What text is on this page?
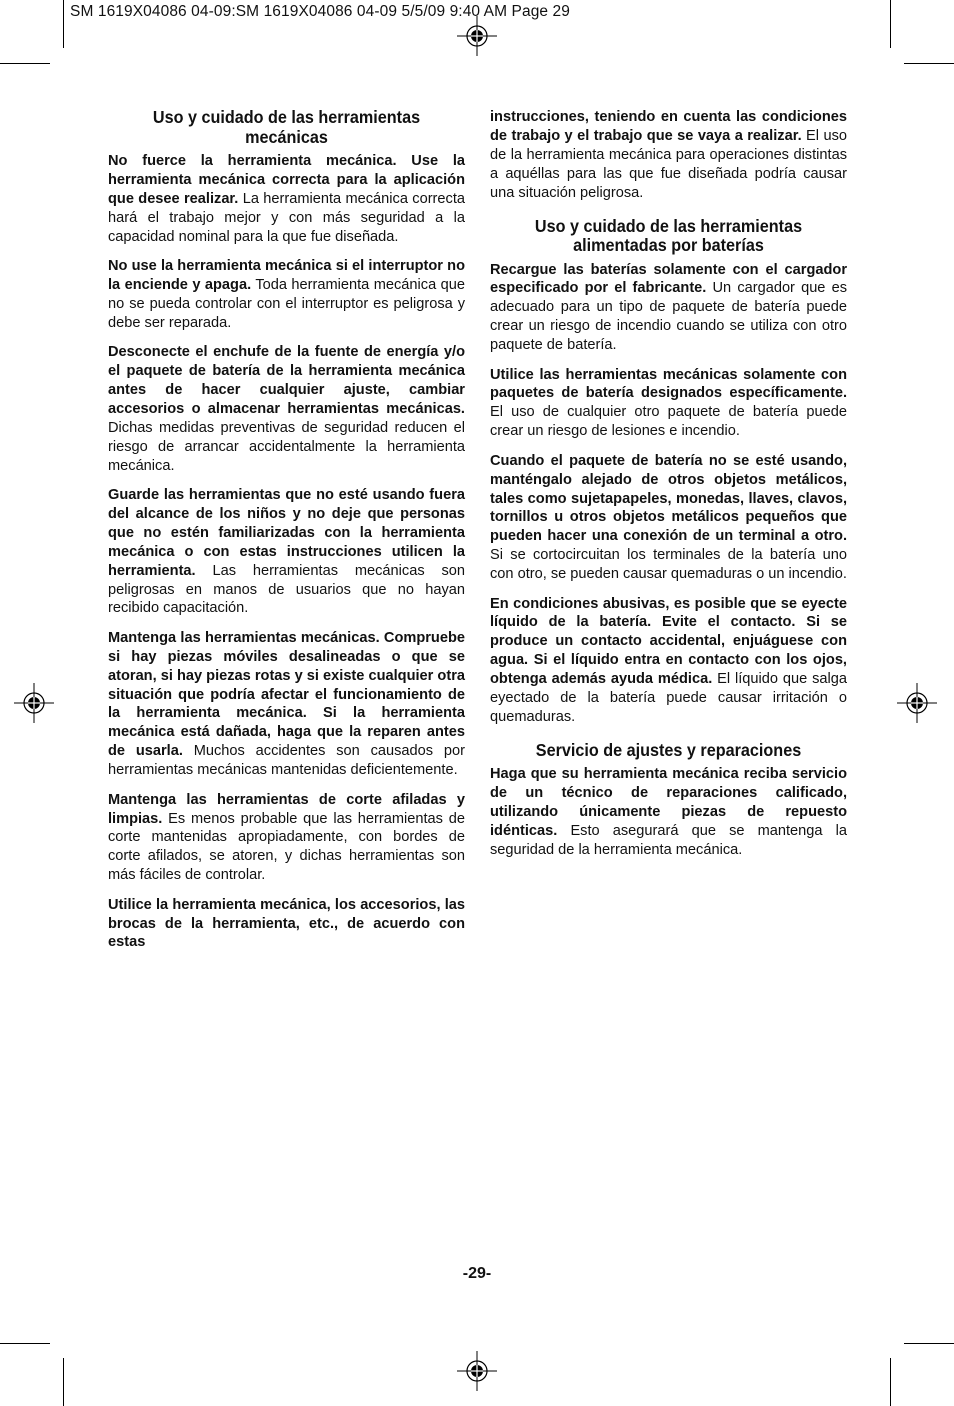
SM 1619X04086 04-09:SM 1619X04086 04-09 5/5/09 9:40 AM Page 29
Uso y cuidado de las herramientas mecánicas

No fuerce la herramienta mecánica. Use la herramienta mecánica correcta para la aplicación que desee realizar. La herramienta mecánica correcta hará el trabajo mejor y con más seguridad a la capacidad nominal para la que fue diseñada.

No use la herramienta mecánica si el interruptor no la enciende y apaga. Toda herramienta mecánica que no se pueda controlar con el interruptor es peligrosa y debe ser reparada.

Desconecte el enchufe de la fuente de energía y/o el paquete de batería de la herramienta mecánica antes de hacer cualquier ajuste, cambiar accesorios o almacenar herramientas mecánicas. Dichas medidas preventivas de seguridad reducen el riesgo de arrancar accidentalmente la herramienta mecánica.

Guarde las herramientas que no esté usando fuera del alcance de los niños y no deje que personas que no estén familiarizadas con la herramienta mecánica o con estas instrucciones utilicen la herramienta. Las herramientas mecánicas son peligrosas en manos de usuarios que no hayan recibido capacitación.

Mantenga las herramientas mecánicas. Compruebe si hay piezas móviles desalineadas o que se atoran, si hay piezas rotas y si existe cualquier otra situación que podría afectar el funcionamiento de la herramienta mecánica. Si la herramienta mecánica está dañada, haga que la reparen antes de usarla. Muchos accidentes son causados por herramientas mecánicas mantenidas deficientemente.

Mantenga las herramientas de corte afiladas y limpias. Es menos probable que las herramientas de corte mantenidas apropiadamente, con bordes de corte afilados, se atoren, y dichas herramientas son más fáciles de controlar.

Utilice la herramienta mecánica, los accesorios, las brocas de la herramienta, etc., de acuerdo con estas

instrucciones, teniendo en cuenta las condiciones de trabajo y el trabajo que se vaya a realizar. El uso de la herramienta mecánica para operaciones distintas a aquéllas para las que fue diseñada podría causar una situación peligrosa.

Uso y cuidado de las herramientas alimentadas por baterías

Recargue las baterías solamente con el cargador especificado por el fabricante. Un cargador que es adecuado para un tipo de paquete de batería puede crear un riesgo de incendio cuando se utiliza con otro paquete de batería.

Utilice las herramientas mecánicas solamente con paquetes de batería designados específicamente. El uso de cualquier otro paquete de batería puede crear un riesgo de lesiones e incendio.

Cuando el paquete de batería no se esté usando, manténgalo alejado de otros objetos metálicos, tales como sujetapapeles, monedas, llaves, clavos, tornillos u otros objetos metálicos pequeños que pueden hacer una conexión de un terminal a otro. Si se cortocircuitan los terminales de la batería uno con otro, se pueden causar quemaduras o un incendio.

En condiciones abusivas, es posible que se eyecte líquido de la batería. Evite el contacto. Si se produce un contacto accidental, enjuáguese con agua. Si el líquido entra en contacto con los ojos, obtenga además ayuda médica. El líquido que salga eyectado de la batería puede causar irritación o quemaduras.

Servicio de ajustes y reparaciones

Haga que su herramienta mecánica reciba servicio de un técnico de reparaciones calificado, utilizando únicamente piezas de repuesto idénticas. Esto asegurará que se mantenga la seguridad de la herramienta mecánica.

-29-
